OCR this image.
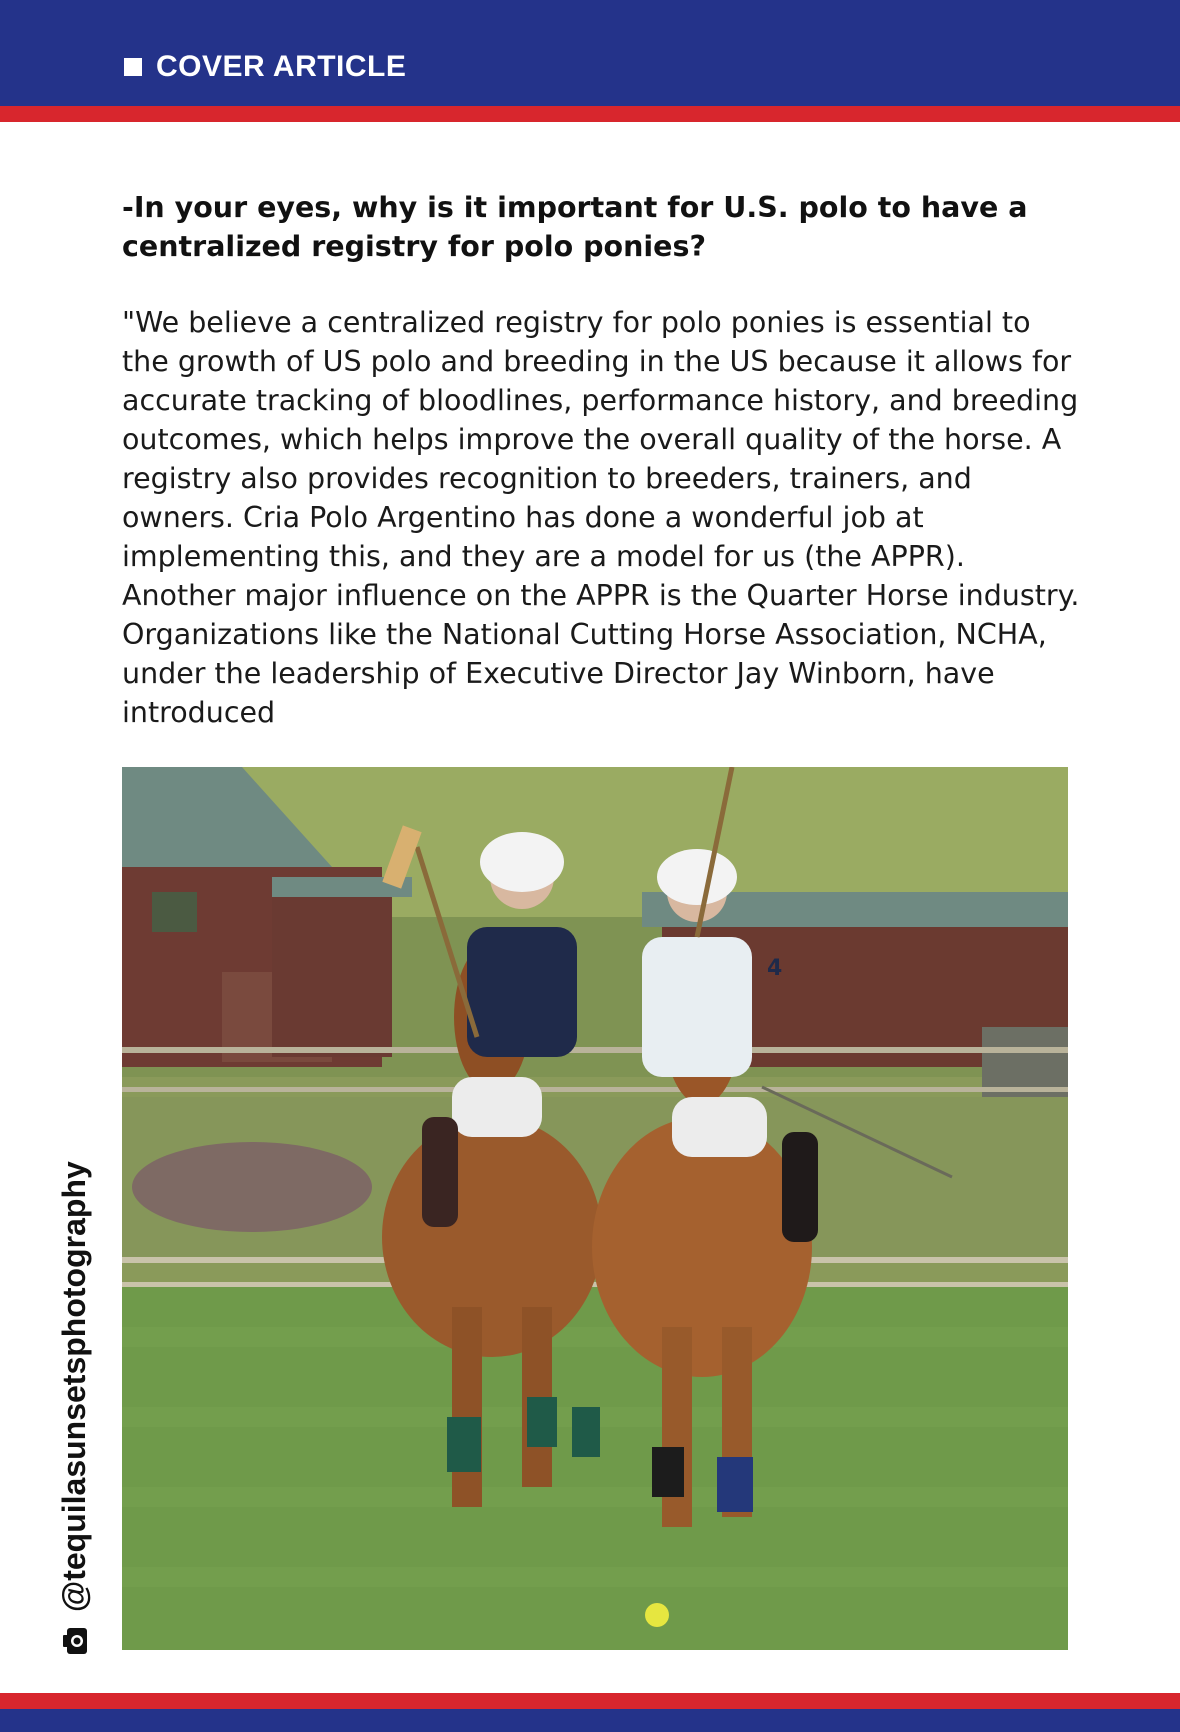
COVER ARTICLE

-In your eyes, why is it important for U.S. polo to have a centralized registry for polo ponies?

"We believe a centralized registry for polo ponies is essential to the growth of US polo and breeding in the US because it allows for accurate tracking of bloodlines, performance history, and breeding outcomes, which helps improve the overall quality of the horse. A registry also provides recognition to breeders, trainers, and owners. Cria Polo Argentino has done a wonderful job at implementing this, and they are a model for us (the APPR). Another major influence on the APPR is the Quarter Horse industry. Organizations like the National Cutting Horse Association, NCHA, under the leadership of Executive Director Jay Winborn, have introduced

4
@tequilasunsetsphotography
